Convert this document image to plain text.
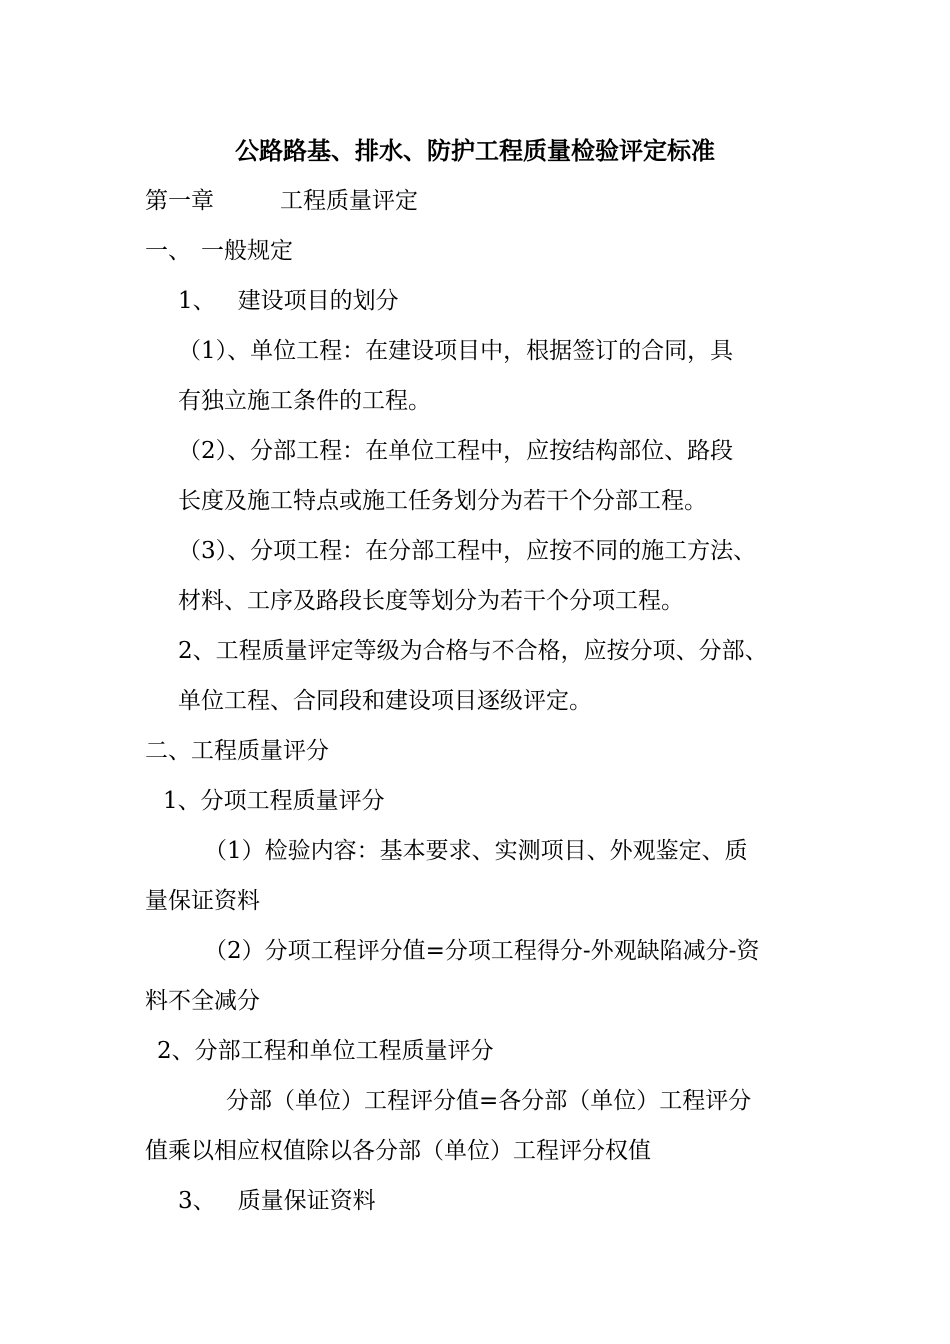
公路路基、排水、防护工程质量检验评定标准
第一章	工程质量评定
一、 一般规定
1、 建设项目的划分
（1）、单位工程：在建设项目中，根据签订的合同，具
有独立施工条件的工程。
（2）、分部工程：在单位工程中，应按结构部位、路段
长度及施工特点或施工任务划分为若干个分部工程。
（3）、分项工程：在分部工程中，应按不同的施工方法、
材料、工序及路段长度等划分为若干个分项工程。
2、工程质量评定等级为合格与不合格，应按分项、分部、
单位工程、合同段和建设项目逐级评定。
二、工程质量评分
1、分项工程质量评分
（1）检验内容：基本要求、实测项目、外观鉴定、质
量保证资料
（2）分项工程评分值=分项工程得分-外观缺陷减分-资
料不全减分
2、分部工程和单位工程质量评分
分部（单位）工程评分值=各分部（单位）工程评分
值乘以相应权值除以各分部（单位）工程评分权值
3、 质量保证资料
